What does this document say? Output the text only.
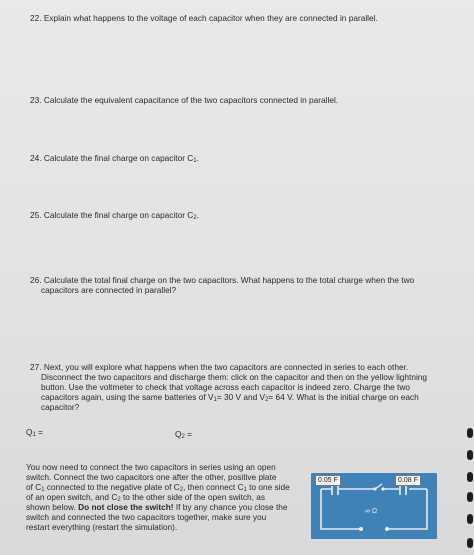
22. Explain what happens to the voltage of each capacitor when they are connected in parallel.
23. Calculate the equivalent capacitance of the two capacitors connected in parallel.
24. Calculate the final charge on capacitor C1.
25. Calculate the final charge on capacitor C2.
26. Calculate the total final charge on the two capacitors. What happens to the total charge when the two
capacitors are connected in parallel?
27. Next, you will explore what happens when the two capacitors are connected in series to each other.
Disconnect the two capacitors and discharge them: click on the capacitor and then on the yellow lightning
button. Use the voltmeter to check that voltage across each capacitor is indeed zero. Charge the two
capacitors again, using the same batteries of V1= 30 V and V2= 64 V. What is the initial charge on each
capacitor?
Q1 =	Q2 =
You now need to connect the two capacitors in series using an open
switch. Connect the two capacitors one after the other, positive plate
of C1 connected to the negative plate of C2, then connect C1 to one side
of an open switch, and C2 to the other side of the open switch, as
shown below. Do not close the switch! If by any chance you close the
switch and connected the two capacitors together, make sure you
restart everything (restart the simulation).
0.05 F	0.08 F
∞ Ω
